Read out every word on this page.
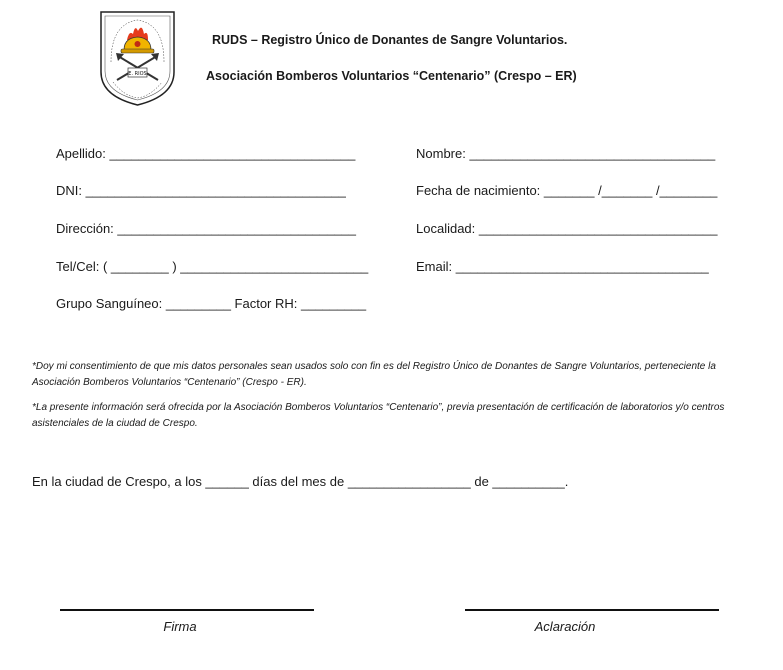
E. RIOS
RUDS – Registro Único de Donantes de Sangre Voluntarios.
Asociación Bomberos Voluntarios “Centenario” (Crespo – ER)
Apellido: __________________________________
DNI: ____________________________________
Dirección: _________________________________
Tel/Cel: ( ________ ) __________________________
Grupo Sanguíneo: _________ Factor RH: _________
Nombre: __________________________________
Fecha de nacimiento: _______ /_______ /________
Localidad: _________________________________
Email: ___________________________________
*Doy mi consentimiento de que mis datos personales sean usados solo con fin es del Registro Único de Donantes de Sangre Voluntarios, perteneciente la Asociación Bomberos Voluntarios “Centenario” (Crespo - ER).
*La presente información será ofrecida por la Asociación Bomberos Voluntarios “Centenario”, previa presentación de certificación de laboratorios y/o centros asistenciales de la ciudad de Crespo.
En la ciudad de Crespo, a los ______ días del mes de _________________ de __________.
Firma	Aclaración
